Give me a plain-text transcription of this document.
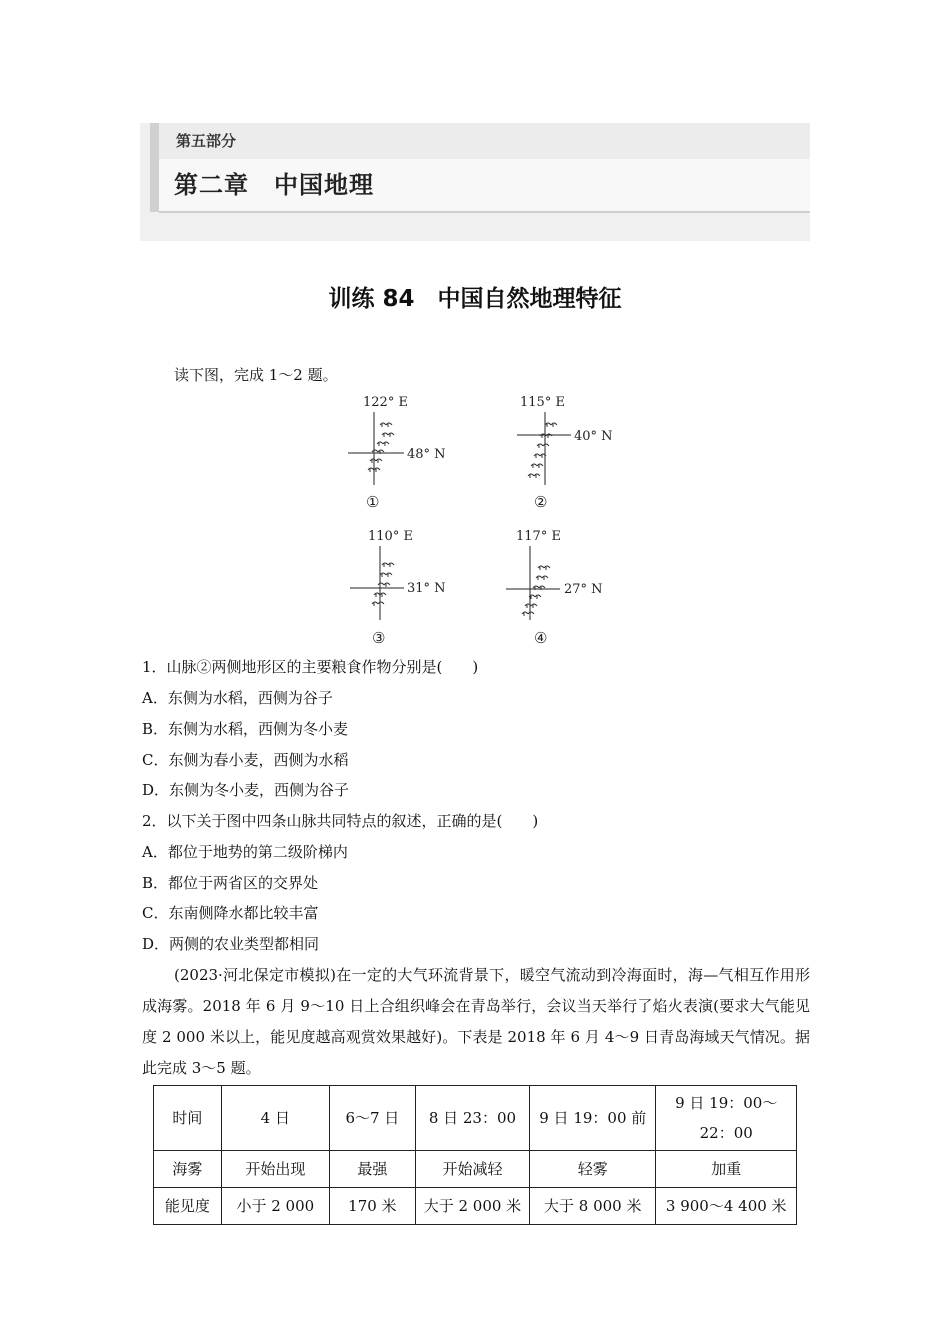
第五部分
第二章　中国地理
训练 84　中国自然地理特征
读下图，完成 1～2 题。
122° E
48° N
①
115° E
40° N
②
110° E
31° N
③
117° E
27° N
④
1．山脉②两侧地形区的主要粮食作物分别是(　　)
A．东侧为水稻，西侧为谷子
B．东侧为水稻，西侧为冬小麦
C．东侧为春小麦，西侧为水稻
D．东侧为冬小麦，西侧为谷子
2．以下关于图中四条山脉共同特点的叙述，正确的是(　　)
A．都位于地势的第二级阶梯内
B．都位于两省区的交界处
C．东南侧降水都比较丰富
D．两侧的农业类型都相同
(2023·河北保定市模拟)在一定的大气环流背景下，暖空气流动到冷海面时，海—气相互作用形成海雾。2018 年 6 月 9～10 日上合组织峰会在青岛举行，会议当天举行了焰火表演(要求大气能见度 2 000 米以上，能见度越高观赏效果越好)。下表是 2018 年 6 月 4～9 日青岛海域天气情况。据此完成 3～5 题。
时间	4 日	6～7 日	8 日 23：00	9 日 19：00 前	9 日 19：00～22：00
海雾	开始出现	最强	开始减轻	轻雾	加重
能见度	小于 2 000	170 米	大于 2 000 米	大于 8 000 米	3 900～4 400 米
